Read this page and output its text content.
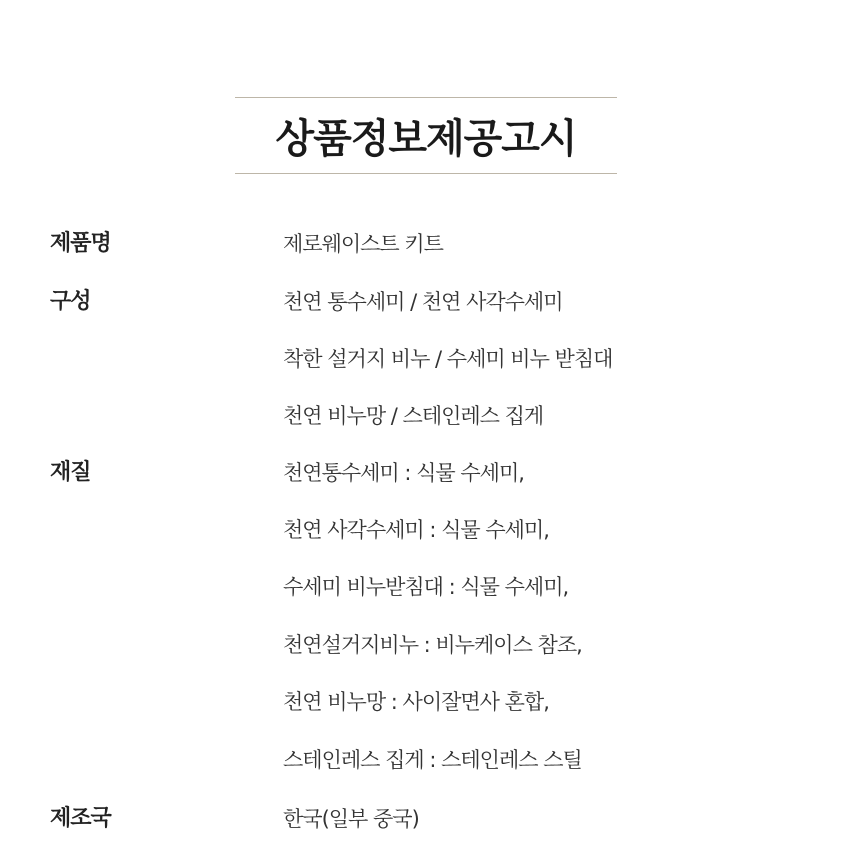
상품정보제공고시
제품명	제로웨이스트 키트
구성	천연 통수세미 / 천연 사각수세미
착한 설거지 비누 / 수세미 비누 받침대
천연 비누망 / 스테인레스 집게
재질	천연통수세미 : 식물 수세미,
천연 사각수세미 : 식물 수세미,
수세미 비누받침대 : 식물 수세미,
천연설거지비누 : 비누케이스 참조,
천연 비누망 : 사이잘면사 혼합,
스테인레스 집게 : 스테인레스 스틸
제조국	한국(일부 중국)
